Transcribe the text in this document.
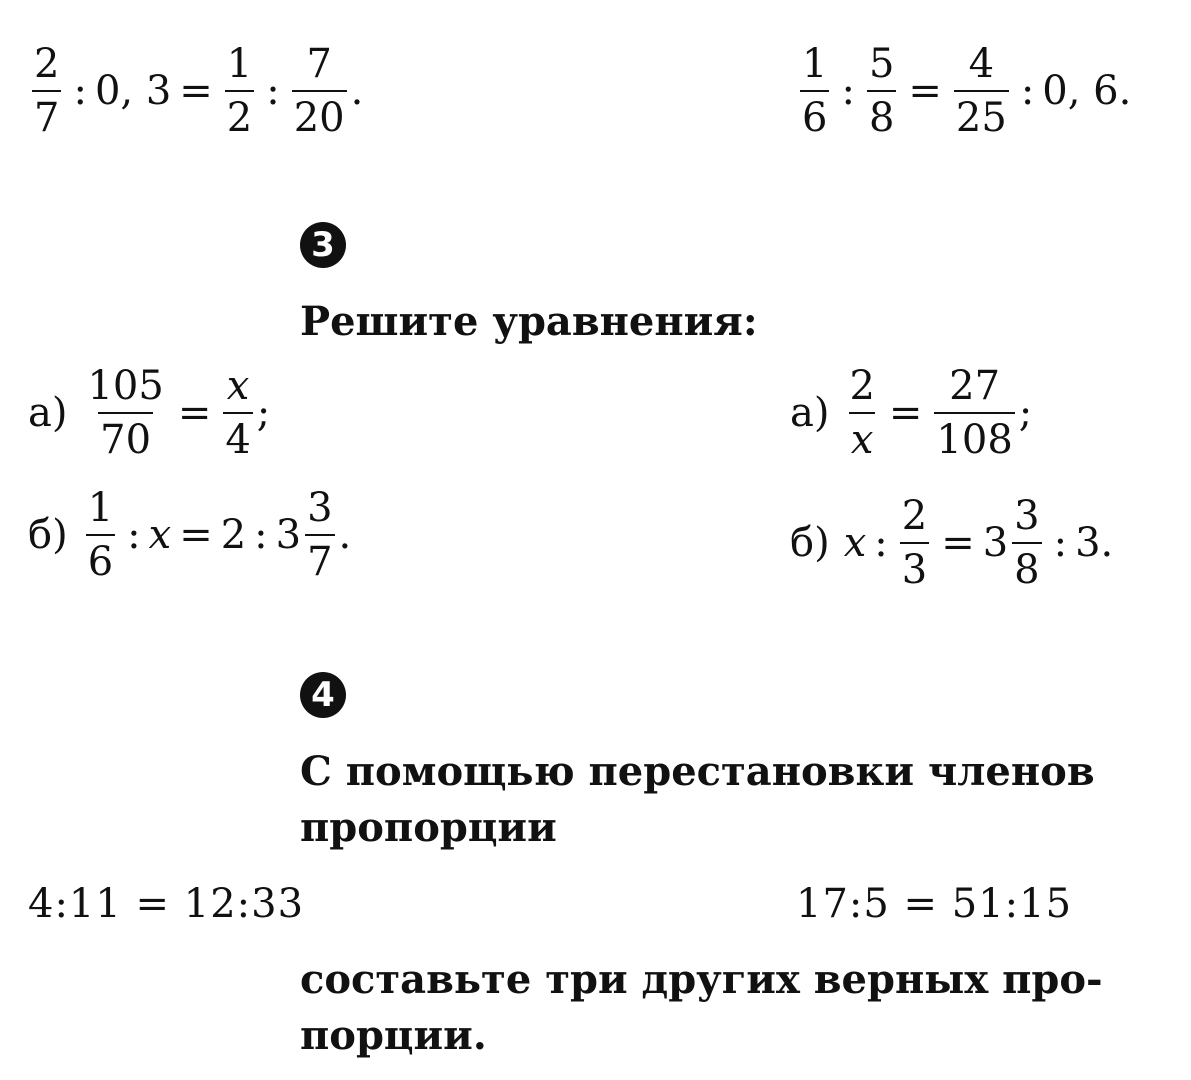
$\frac{2}{7}$ : 0, $3 = \frac{1}{2}$ : $\frac{7}{20}$ .	$\frac{1}{6}$ : $\frac{5}{8} = \frac{4}{25}$ : 0, 6.
3
Решите уравнения:
$а) \frac{105}{70} = \frac{x}{4}$ ;
$б) \frac{1}{6}$ : x = 2 : $3 \frac{3}{7}$ .
$а) \frac{2}{x} = \frac{27}{108}$ ;
б) x : $\frac{2}{3} = 3 \frac{3}{8}$ : 3.
4
С помощью перестановки членов
пропорции
4:11 = 12:33	17:5 = 51:15
составьте три других верных про-
порции.
